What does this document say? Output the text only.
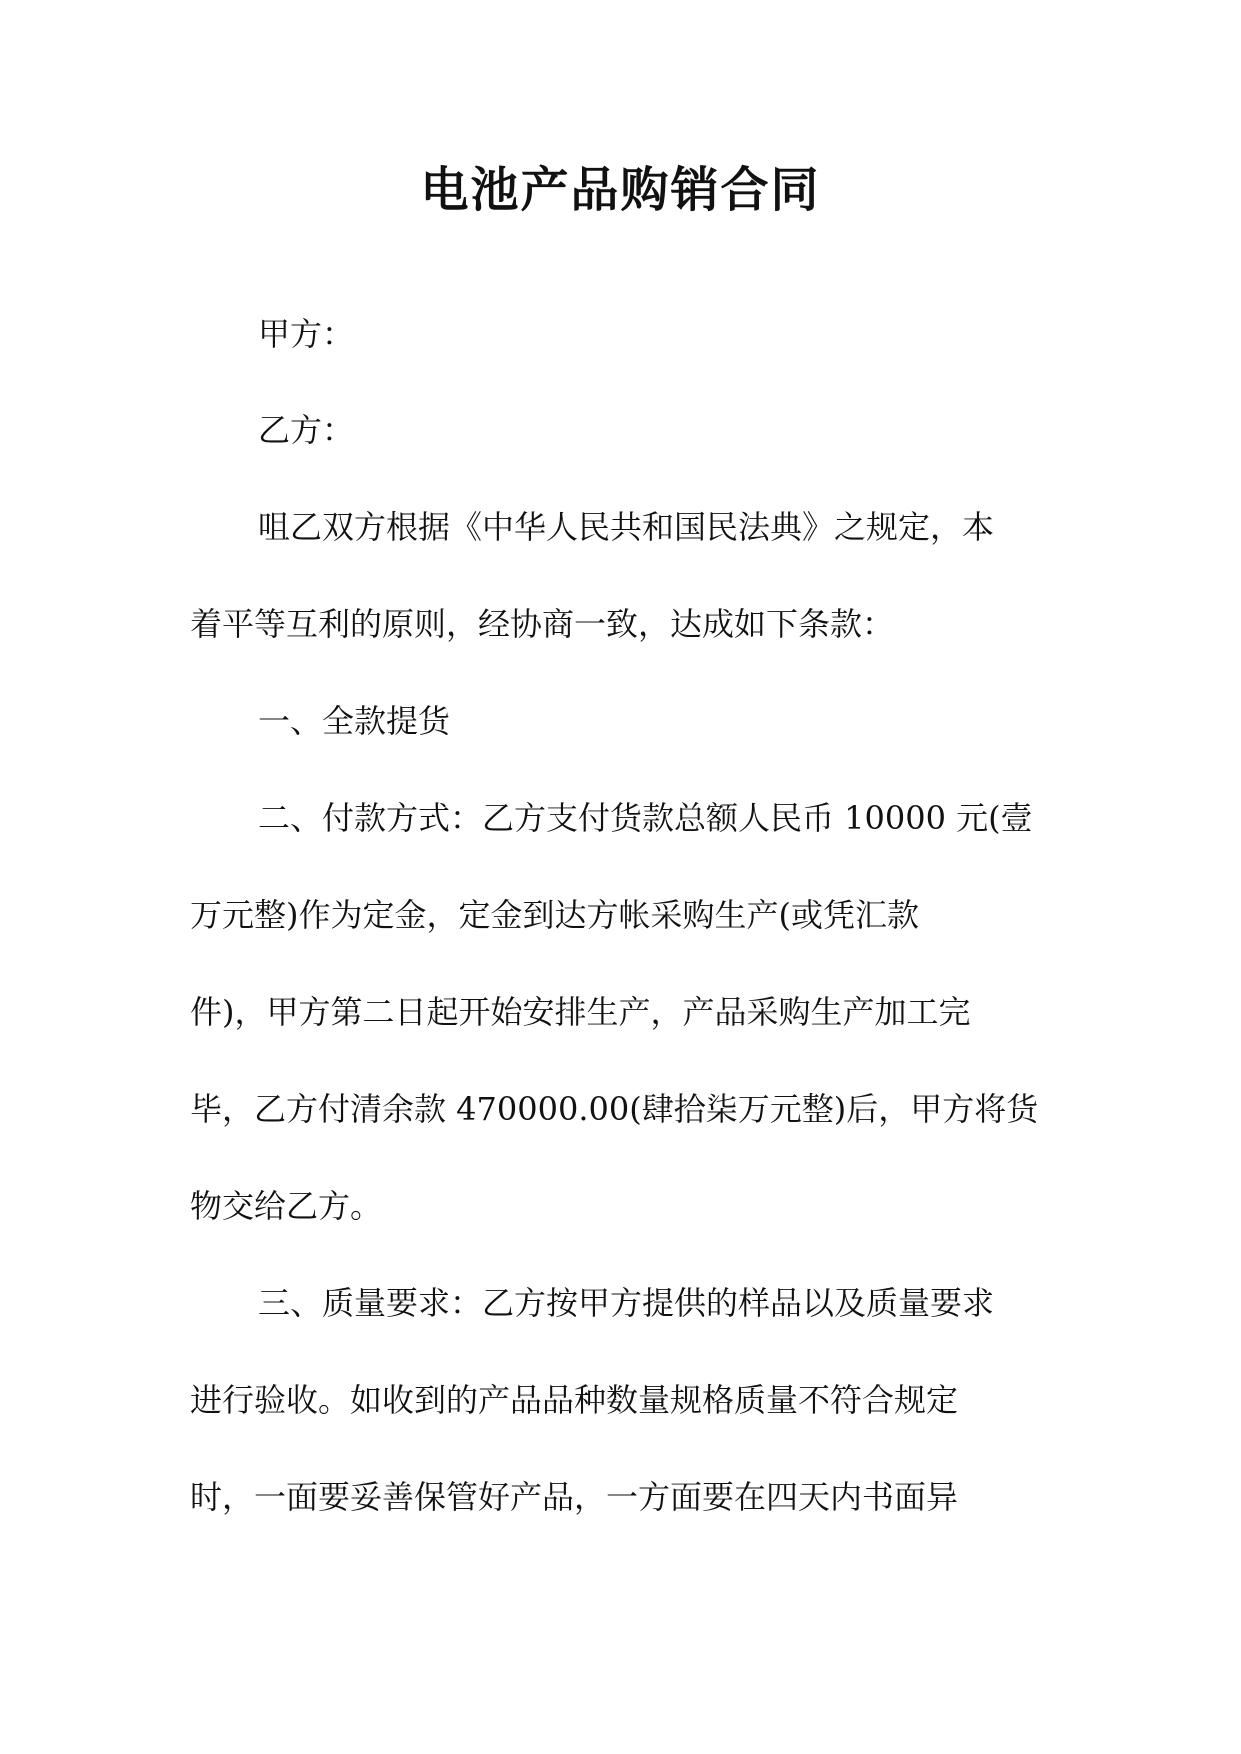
电池产品购销合同
甲方：
乙方：
咀乙双方根据《中华人民共和国民法典》之规定，本
着平等互利的原则，经协商一致，达成如下条款：
一、全款提货
二、付款方式：乙方支付货款总额人民币 10000 元(壹
万元整)作为定金，定金到达方帐采购生产(或凭汇款
件)，甲方第二日起开始安排生产，产品采购生产加工完
毕，乙方付清余款 470000.00(肆拾柒万元整)后，甲方将货
物交给乙方。
三、质量要求：乙方按甲方提供的样品以及质量要求
进行验收。如收到的产品品种数量规格质量不符合规定
时，一面要妥善保管好产品，一方面要在四天内书面异
